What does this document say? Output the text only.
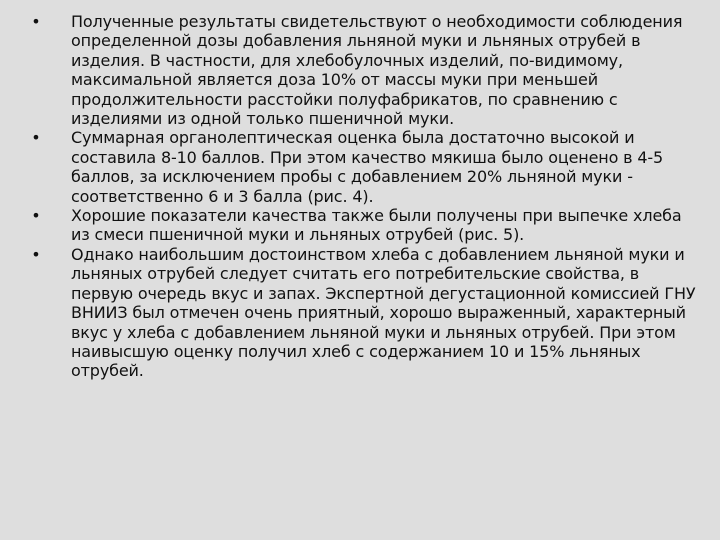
• Полученные результаты свидетельствуют о необходимости соблюдения определенной дозы добавления льняной муки и льняных отрубей в изделия. В частности, для хлебобулочных изделий, по-видимому, максимальной является доза 10% от массы муки при меньшей продолжительности расстойки полуфабрикатов, по сравнению с изделиями из одной только пшеничной муки.
• Суммарная органолептическая оценка была достаточно высокой и составила 8-10 баллов. При этом качество мякиша было оценено в 4-5 баллов, за исключением пробы с добавлением 20% льняной муки - соответственно 6 и 3 балла (рис. 4).
• Хорошие показатели качества также были получены при выпечке хлеба из смеси пшеничной муки и льняных отрубей (рис. 5).
• Однако наибольшим достоинством хлеба с добавлением льняной муки и льняных отрубей следует считать его потребительские свойства, в первую очередь вкус и запах. Экспертной дегустационной комиссией ГНУ ВНИИЗ был отмечен очень приятный, хорошо выраженный, характерный вкус у хлеба с добавлением льняной муки и льняных отрубей. При этом наивысшую оценку получил хлеб с содержанием 10 и 15% льняных отрубей.
